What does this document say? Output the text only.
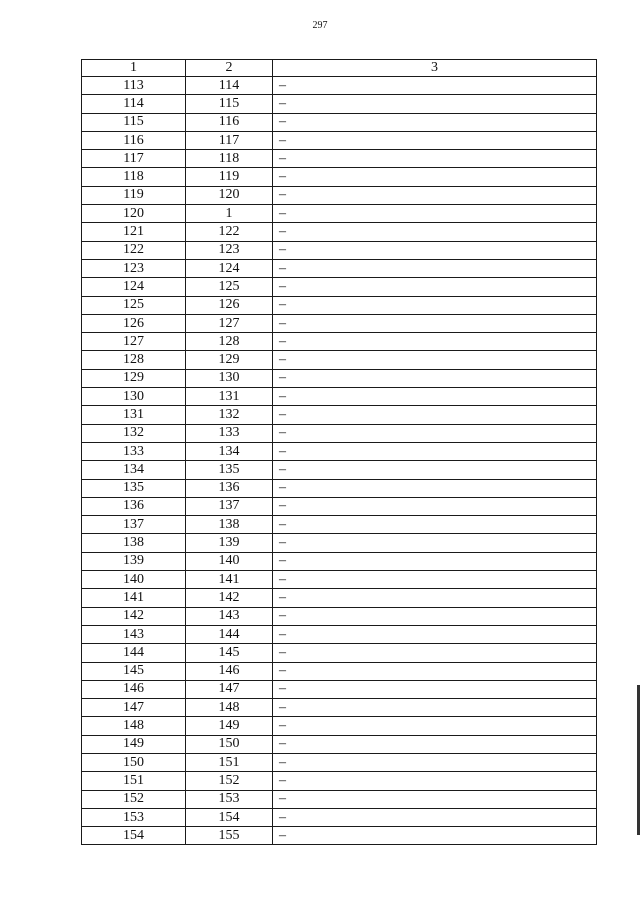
297
1	2	3
113	114	–
114	115	–
115	116	–
116	117	–
117	118	–
118	119	–
119	120	–
120	1	–
121	122	–
122	123	–
123	124	–
124	125	–
125	126	–
126	127	–
127	128	–
128	129	–
129	130	–
130	131	–
131	132	–
132	133	–
133	134	–
134	135	–
135	136	–
136	137	–
137	138	–
138	139	–
139	140	–
140	141	–
141	142	–
142	143	–
143	144	–
144	145	–
145	146	–
146	147	–
147	148	–
148	149	–
149	150	–
150	151	–
151	152	–
152	153	–
153	154	–
154	155	–
